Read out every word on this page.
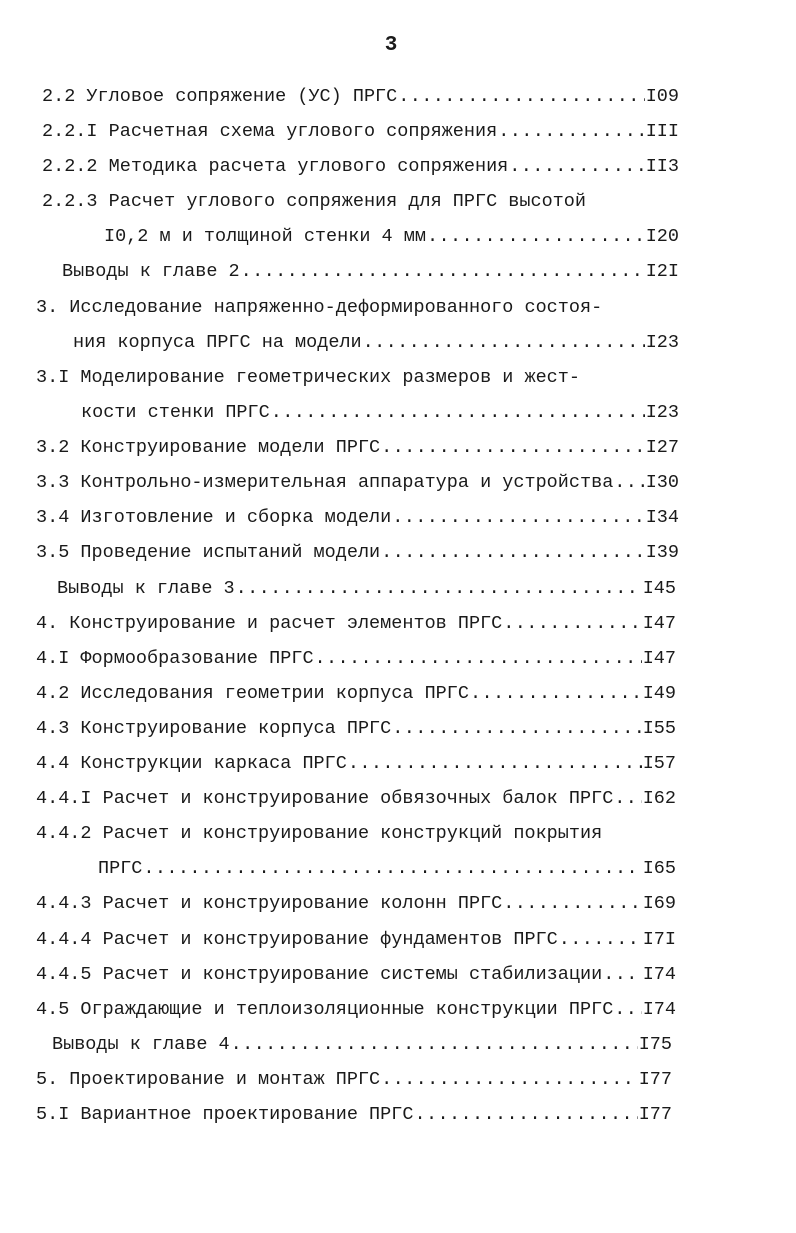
3
2.2 Угловое сопряжение (УС) ПРГС .....	I09
2.2.I Расчетная схема углового сопряжения .....	III
2.2.2 Методика расчета углового сопряжения .....	II3
2.2.3 Расчет углового сопряжения для ПРГС высотой
I0,2 м и толщиной стенки 4 мм .....	I20
Выводы к главе 2 .....	I2I
3. Исследование напряженно-деформированного состоя-
ния корпуса ПРГС на модели .....	I23
3.I Моделирование геометрических размеров и жест-
кости стенки ПРГС .....	I23
3.2 Конструирование модели ПРГС .....	I27
3.3 Контрольно-измерительная аппаратура и устройства ..... I30
3.4 Изготовление и сборка модели .....	I34
3.5 Проведение испытаний модели .....	I39
Выводы к главе 3 .....	I45
4. Конструирование и расчет элементов ПРГС .....	I47
4.I Формообразование ПРГС .....	I47
4.2 Исследования геометрии корпуса ПРГС .....	I49
4.3 Конструирование корпуса ПРГС .....	I55
4.4 Конструкции каркаса ПРГС .....	I57
4.4.I Расчет и конструирование обвязочных балок ПРГС ..... I62
4.4.2 Расчет и конструирование конструкций покрытия
ПРГС .....	I65
4.4.3 Расчет и конструирование колонн ПРГС .....	I69
4.4.4 Расчет и конструирование фундаментов ПРГС .....	I7I
4.4.5 Расчет и конструирование системы стабилизации ..... I74
4.5 Ограждающие и теплоизоляционные конструкции ПРГС ..... I74
Выводы к главе 4 .....	I75
5. Проектирование и монтаж ПРГС .....	I77
5.I Вариантное проектирование ПРГС .....	I77
